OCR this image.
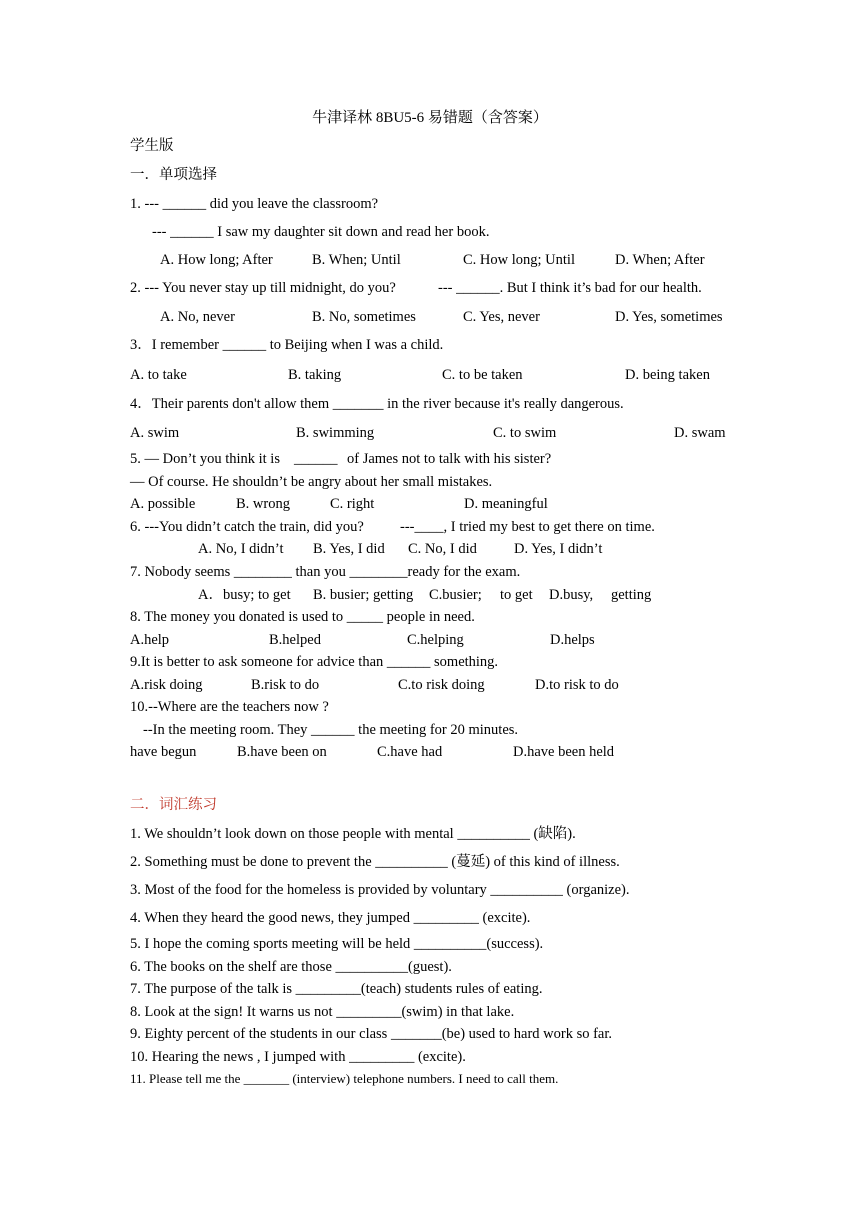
牛津译林 8BU5-6 易错题（含答案）
学生版
一．单项选择
1. --- ______ did you leave the classroom?
--- ______ I saw my daughter sit down and read her book.
A. How long; After	B. When; Until	C. How long; Until	D. When; After
2. --- You never stay up till midnight, do you?	--- ______. But I think it’s bad for our health.
A. No, never	B. No, sometimes	C. Yes, never	D. Yes, sometimes
3．I remember ______ to Beijing when I was a child.
A. to take	B. taking	C. to be taken	D. being taken
4．Their parents don't allow them _______ in the river because it's really dangerous.
A. swim	B. swimming	C. to swim	D. swam
5. — Don’t you think it is ______ of James not to talk with his sister?
— Of course. He shouldn’t be angry about her small mistakes.
A. possible	B. wrong	C. right	D. meaningful
6. ---You didn’t catch the train, did you? ---____, I tried my best to get there on time.
A. No, I didn’t B. Yes, I did C. No, I did	D. Yes, I didn’t
7. Nobody seems ________ than you ________ready for the exam.
A．busy; to get B. busier; getting C.busier; to get D.busy, getting
8. The money you donated is used to _____ people in need.
A.help	B.helped	C.helping	D.helps
9.It is better to ask someone for advice than ______ something.
A.risk doing	B.risk to do	C.to risk doing	D.to risk to do
10.--Where are the teachers now ?
--In the meeting room. They ______ the meeting for 20 minutes.
have begun	B.have been on	C.have had	D.have been held
二．词汇练习
1. We shouldn’t look down on those people with mental __________ (缺陷).
2. Something must be done to prevent the __________ (蔓延) of this kind of illness.
3. Most of the food for the homeless is provided by voluntary __________ (organize).
4. When they heard the good news, they jumped _________ (excite).
5. I hope the coming sports meeting will be held __________(success).
6. The books on the shelf are those __________(guest).
7. The purpose of the talk is _________(teach) students rules of eating.
8. Look at the sign! It warns us not _________(swim) in that lake.
9. Eighty percent of the students in our class _______(be) used to hard work so far.
10. Hearing the news , I jumped with _________ (excite).
11. Please tell me the _______ (interview) telephone numbers. I need to call them.
